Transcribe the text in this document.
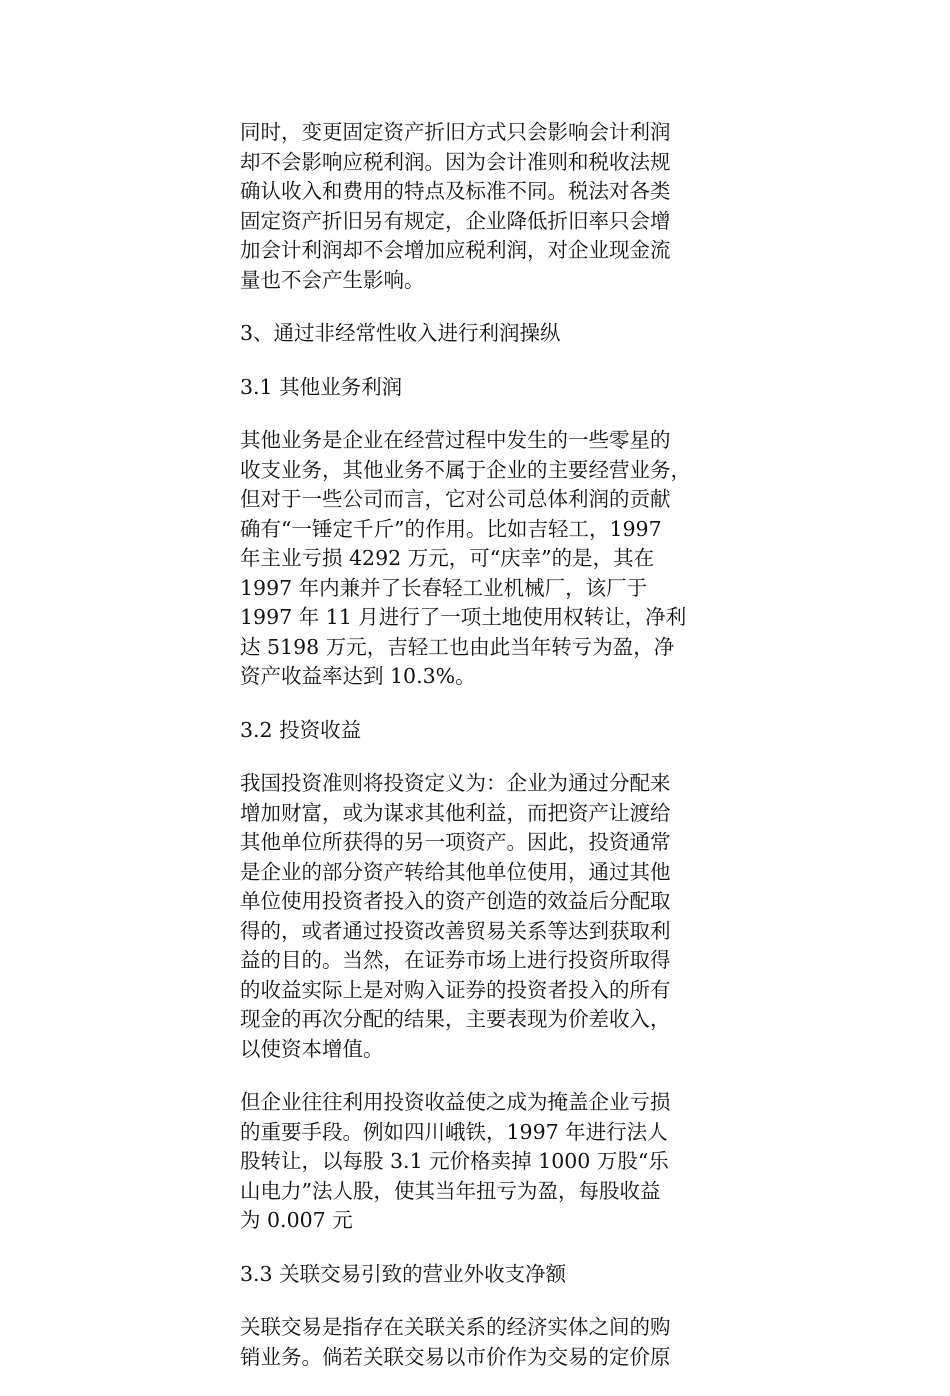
同时，变更固定资产折旧方式只会影响会计利润
却不会影响应税利润。因为会计准则和税收法规
确认收入和费用的特点及标准不同。税法对各类
固定资产折旧另有规定，企业降低折旧率只会增
加会计利润却不会增加应税利润，对企业现金流
量也不会产生影响。
3、通过非经常性收入进行利润操纵
3.1 其他业务利润
其他业务是企业在经营过程中发生的一些零星的
收支业务，其他业务不属于企业的主要经营业务，
但对于一些公司而言，它对公司总体利润的贡献
确有“一锤定千斤”的作用。比如吉轻工，1997
年主业亏损 4292 万元，可“庆幸”的是，其在
1997 年内兼并了长春轻工业机械厂，该厂于
1997 年 11 月进行了一项土地使用权转让，净利
达 5198 万元，吉轻工也由此当年转亏为盈，净
资产收益率达到 10.3%。
3.2 投资收益
我国投资准则将投资定义为：企业为通过分配来
增加财富，或为谋求其他利益，而把资产让渡给
其他单位所获得的另一项资产。因此，投资通常
是企业的部分资产转给其他单位使用，通过其他
单位使用投资者投入的资产创造的效益后分配取
得的，或者通过投资改善贸易关系等达到获取利
益的目的。当然，在证券市场上进行投资所取得
的收益实际上是对购入证券的投资者投入的所有
现金的再次分配的结果，主要表现为价差收入，
以使资本增值。
但企业往往利用投资收益使之成为掩盖企业亏损
的重要手段。例如四川峨铁，1997 年进行法人
股转让，以每股 3.1 元价格卖掉 1000 万股“乐
山电力”法人股，使其当年扭亏为盈，每股收益
为 0.007 元
3.3 关联交易引致的营业外收支净额
关联交易是指存在关联关系的经济实体之间的购
销业务。倘若关联交易以市价作为交易的定价原
